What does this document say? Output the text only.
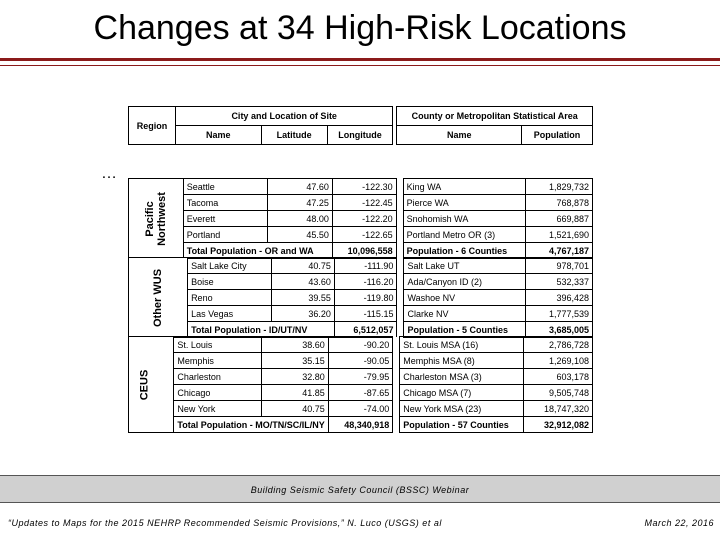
Changes at 34 High-Risk Locations
…
Region	City and Location of Site				County or Metropolitan Statistical Area	
	Name	Latitude	Longitude		Name	Population
Pacific
Northwest	Seattle	47.60	-122.30		King WA	1,829,732
	Tacoma	47.25	-122.45		Pierce WA	768,878
	Everett	48.00	-122.20		Snohomish WA	669,887
	Portland	45.50	-122.65		Portland Metro OR (3)	1,521,690
	Total Population - OR and WA		10,096,558		Population - 6 Counties	4,767,187
Other WUS	Salt Lake City	40.75	-111.90		Salt Lake UT	978,701
	Boise	43.60	-116.20		Ada/Canyon ID (2)	532,337
	Reno	39.55	-119.80		Washoe NV	396,428
	Las Vegas	36.20	-115.15		Clarke NV	1,777,539
	Total Population - ID/UT/NV		6,512,057		Population - 5 Counties	3,685,005
CEUS	St. Louis	38.60	-90.20		St. Louis MSA (16)	2,786,728
	Memphis	35.15	-90.05		Memphis MSA (8)	1,269,108
	Charleston	32.80	-79.95		Charleston MSA (3)	603,178
	Chicago	41.85	-87.65		Chicago MSA (7)	9,505,748
	New York	40.75	-74.00		New York MSA (23)	18,747,320
	Total Population - MO/TN/SC/IL/NY		48,340,918		Population - 57 Counties	32,912,082
Building Seismic Safety Council (BSSC) Webinar
“Updates to Maps for the 2015 NEHRP Recommended Seismic Provisions,” N. Luco (USGS) et al	March 22, 2016
